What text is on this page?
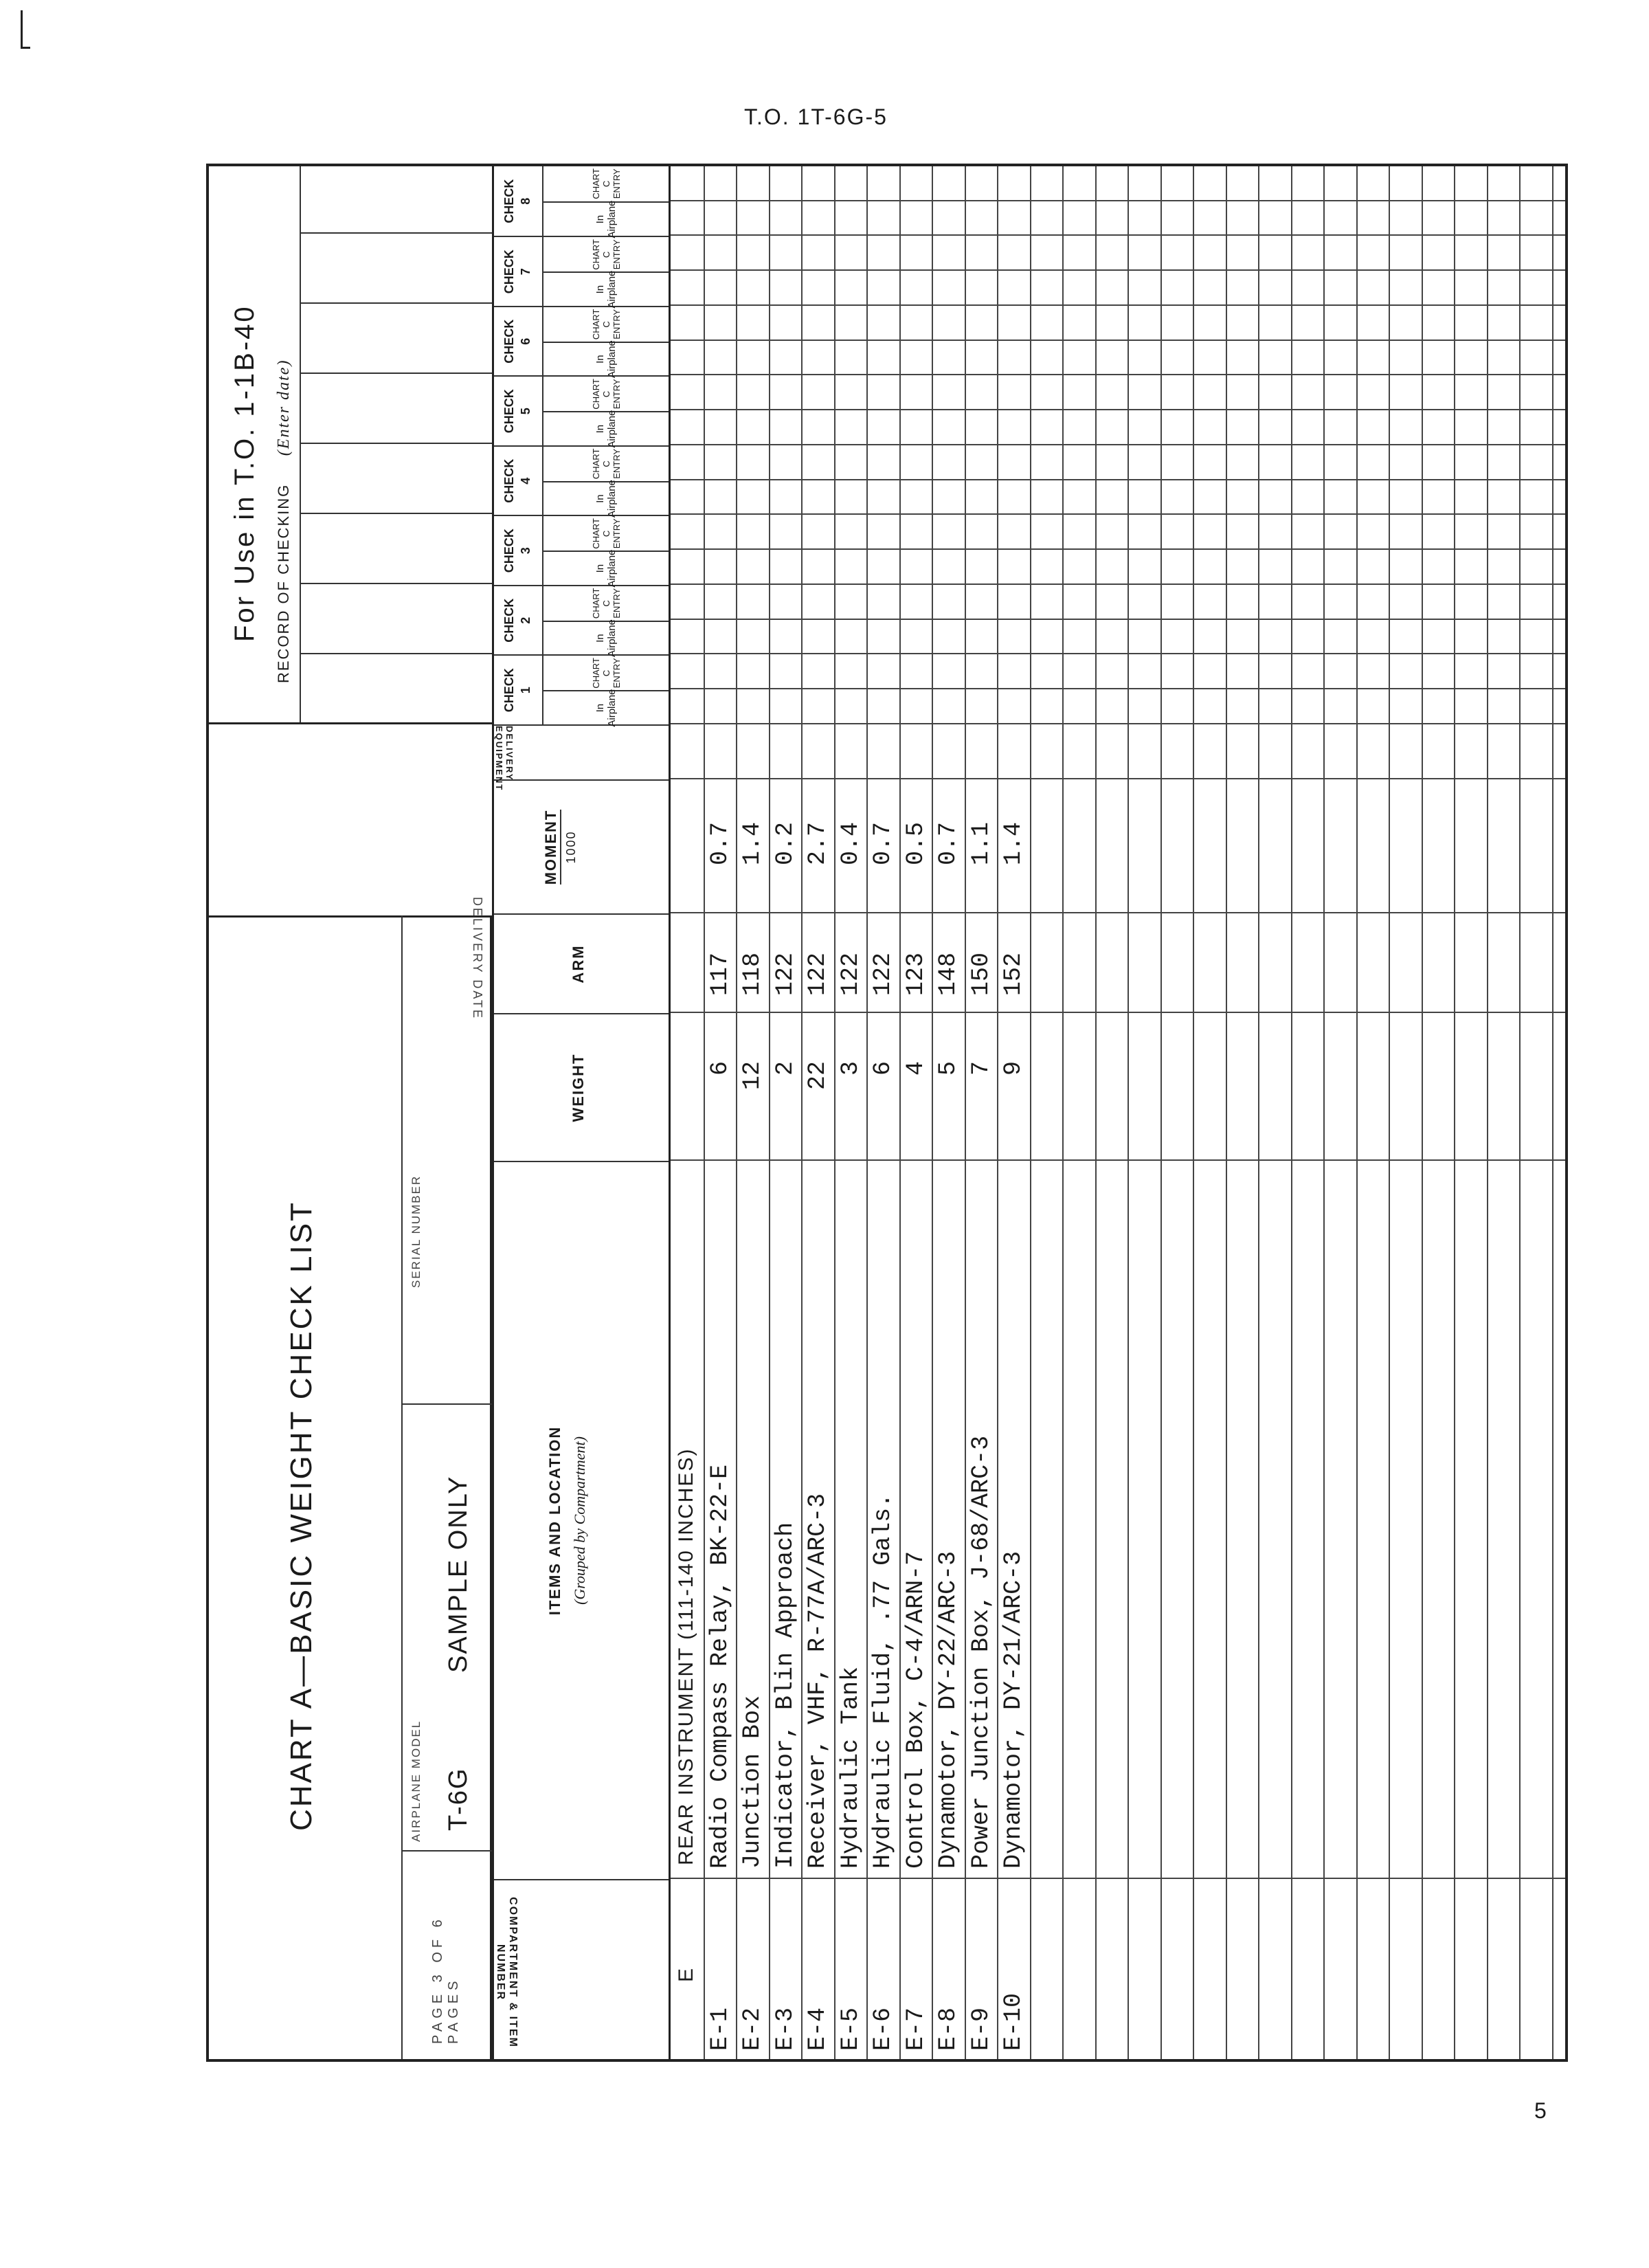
T.O. 1T-6G-5
CHART A—BASIC WEIGHT CHECK LIST
PAGE 3 OF 6 PAGES
AIRPLANE MODEL T-6G
SAMPLE ONLY
SERIAL NUMBER
DELIVERY DATE
For Use in T.O. 1-1B-40 RECORD OF CHECKING     (Enter date)
COMPARTMENT & ITEM NUMBER
ITEMS AND LOCATION (Grouped by Compartment)
WEIGHT
ARM
MOMENT 1000
DELIVERY EQUIPMENT
CHECK 1
In Airplane
CHART C ENTRY
CHECK 2
In Airplane
CHART C ENTRY
CHECK 3
In Airplane
CHART C ENTRY
CHECK 4
In Airplane
CHART C ENTRY
CHECK 5
In Airplane
CHART C ENTRY
CHECK 6
In Airplane
CHART C ENTRY
CHECK 7
In Airplane
CHART C ENTRY
CHECK 8
In Airplane
CHART C ENTRY
E
REAR INSTRUMENT (111-140 INCHES)
E-1
Radio Compass Relay, BK-22-E
6
117
0.7
E-2
Junction Box
12
118
1.4
E-3
Indicator, Blin Approach
2
122
0.2
E-4
Receiver, VHF, R-77A/ARC-3
22
122
2.7
E-5
Hydraulic Tank
3
122
0.4
E-6
Hydraulic Fluid, .77 Gals.
6
122
0.7
E-7
Control Box, C-4/ARN-7
4
123
0.5
E-8
Dynamotor, DY-22/ARC-3
5
148
0.7
E-9
Power Junction Box, J-68/ARC-3
7
150
1.1
E-10
Dynamotor, DY-21/ARC-3
9
152
1.4
5
